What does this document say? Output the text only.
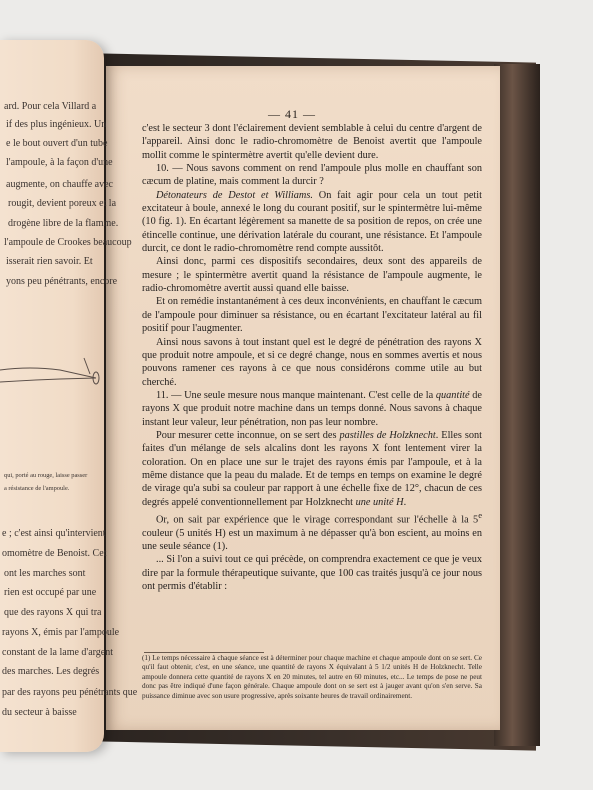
— 41 —

c'est le secteur 3 dont l'éclairement devient semblable à celui du centre d'argent de l'appareil. Ainsi donc le radio-chromomètre de Benoist avertit que l'ampoule mollit comme le spintermètre avertit qu'elle devient dure.

10. — Nous savons comment on rend l'ampoule plus molle en chauffant son cæcum de platine, mais comment la durcir ?

Détonateurs de Destot et Williams. On fait agir pour cela un tout petit excitateur à boule, annexé le long du courant positif, sur le spintermètre lui-même (10 fig. 1). En écartant légèrement sa manette de sa position de repos, on crée une étincelle continue, une dérivation latérale du courant, une résistance. Et l'ampoule durcit, ce dont le radio-chromomètre rend compte aussitôt.

Ainsi donc, parmi ces dispositifs secondaires, deux sont des appareils de mesure ; le spintermètre avertit quand la résistance de l'ampoule augmente, le radio-chromomètre avertit aussi quand elle baisse.

Et on remédie instantanément à ces deux inconvénients, en chauffant le cæcum de l'ampoule pour diminuer sa résistance, ou en écartant l'excitateur latéral au fil positif pour l'augmenter.

Ainsi nous savons à tout instant quel est le degré de pénétration des rayons X que produit notre ampoule, et si ce degré change, nous en sommes avertis et nous pouvons ramener ces rayons à ce que nous considérons comme utile au but cherché.

11. — Une seule mesure nous manque maintenant. C'est celle de la quantité de rayons X que produit notre machine dans un temps donné. Nous savons à chaque instant leur valeur, leur pénétration, non pas leur nombre.

Pour mesurer cette inconnue, on se sert des pastilles de Holzknecht. Elles sont faites d'un mélange de sels alcalins dont les rayons X font lentement virer la coloration. On en place une sur le trajet des rayons émis par l'ampoule, et à la même distance que la peau du malade. Et de temps en temps on examine le degré de virage qu'a subi sa couleur par rapport à une échelle fixe de 12°, chacun de ces degrés appelé conventionnellement par Holzknecht une unité H.

Or, on sait par expérience que le virage correspondant sur l'échelle à la 5e couleur (5 unités H) est un maximum à ne dépasser qu'à bon escient, au moins en une seule séance (1).

... Si l'on a suivi tout ce qui précède, on comprendra exactement ce que je veux dire par la formule thérapeutique suivante, que 100 cas traités jusqu'à ce jour nous ont permis d'établir :

(1) Le temps nécessaire à chaque séance est à déterminer pour chaque machine et chaque ampoule dont on se sert. Ce qu'il faut obtenir, c'est, en une séance, une quantité de rayons X équivalant à 5 1/2 unités H de Holzknecht. Telle ampoule donnera cette quantité de rayons X en 20 minutes, tel autre en 60 minutes, etc... Le temps de pose ne peut donc pas être indiqué d'une façon générale. Chaque ampoule dont on se sert est à jauger avant qu'on s'en serve. Sa puissance diminue avec son usure progressive, après soixante heures de travail ordinairement.
ard. Pour cela Villard a
if des plus ingénieux. Un
e le bout ouvert d'un tube
l'ampoule, à la façon d'une
augmente, on chauffe avec
rougit, devient poreux et la
drogène libre de la flamme.
l'ampoule de Crookes beaucoup
isserait rien savoir. Et
yons peu pénétrants, encore
qui, porté au rouge, laisse passer
a résistance de l'ampoule.
e ; c'est ainsi qu'intervient
omomètre de Benoist. Cet
ont les marches sont
rien est occupé par une
que des rayons X qui tra
rayons X, émis par l'ampoule
constant de la lame d'argent
des marches. Les degrés
par des rayons peu pénétrants que
du secteur à baisse
